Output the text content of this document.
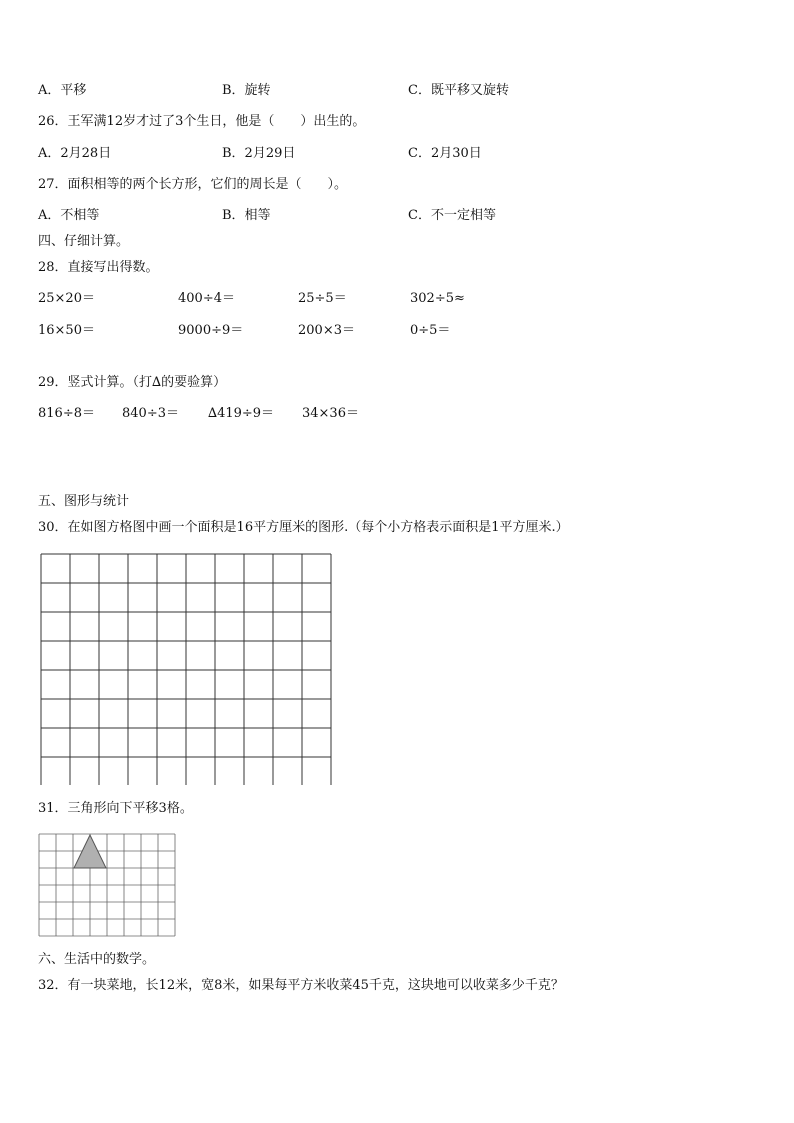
A．平移	B．旋转	C．既平移又旋转
26．王军满12岁才过了3个生日，他是（　　）出生的。
A．2月28日	B．2月29日	C．2月30日
27．面积相等的两个长方形，它们的周长是（　　）。
A．不相等	B．相等	C．不一定相等
四、仔细计算。
28．直接写出得数。
25×20＝	400÷4＝	25÷5＝	302÷5≈
16×50＝	9000÷9＝	200×3＝	0÷5＝
29．竖式计算。（打∆的要验算）
816÷8＝ 840÷3＝ ∆419÷9＝ 34×36＝
五、图形与统计
30．在如图方格图中画一个面积是16平方厘米的图形.（每个小方格表示面积是1平方厘米.）
31．三角形向下平移3格。
六、生活中的数学。
32．有一块菜地，长12米，宽8米，如果每平方米收菜45千克，这块地可以收菜多少千克？
